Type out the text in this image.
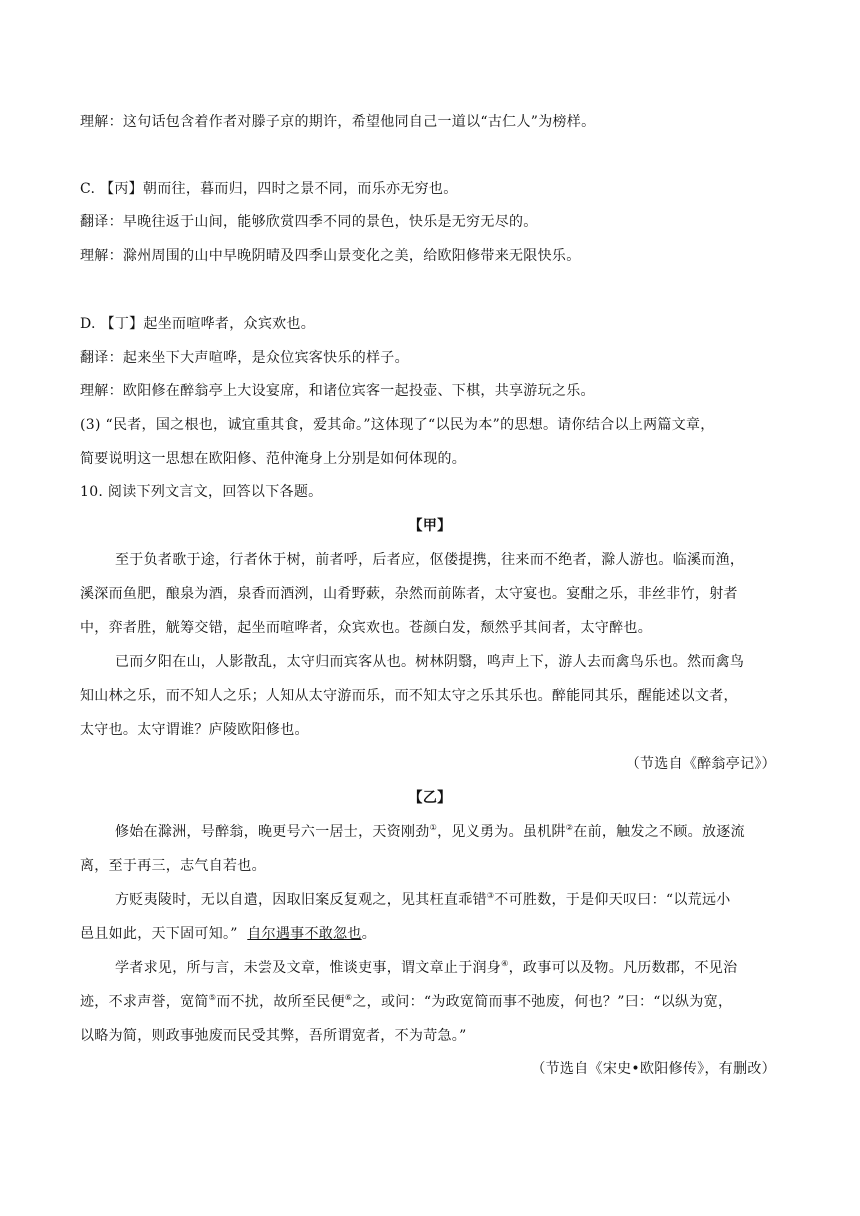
理解：这句话包含着作者对滕子京的期许，希望他同自己一道以“古仁人”为榜样。
C. 【丙】朝而往，暮而归，四时之景不同，而乐亦无穷也。
翻译：早晚往返于山间，能够欣赏四季不同的景色，快乐是无穷无尽的。
理解：滁州周围的山中早晚阴晴及四季山景变化之美，给欧阳修带来无限快乐。
D. 【丁】起坐而喧哗者，众宾欢也。
翻译：起来坐下大声喧哗，是众位宾客快乐的样子。
理解：欧阳修在醉翁亭上大设宴席，和诸位宾客一起投壶、下棋，共享游玩之乐。
(3) “民者，国之根也，诚宜重其食，爱其命。”这体现了“以民为本”的思想。请你结合以上两篇文章，
简要说明这一思想在欧阳修、范仲淹身上分别是如何体现的。
10. 阅读下列文言文，回答以下各题。
【甲】
至于负者歌于途，行者休于树，前者呼，后者应，伛偻提携，往来而不绝者，滁人游也。临溪而渔，
溪深而鱼肥，酿泉为酒，泉香而酒洌，山肴野蔌，杂然而前陈者，太守宴也。宴酣之乐，非丝非竹，射者
中，弈者胜，觥筹交错，起坐而喧哗者，众宾欢也。苍颜白发，颓然乎其间者，太守醉也。
已而夕阳在山，人影散乱，太守归而宾客从也。树林阴翳，鸣声上下，游人去而禽鸟乐也。然而禽鸟
知山林之乐，而不知人之乐；人知从太守游而乐，而不知太守之乐其乐也。醉能同其乐，醒能述以文者，
太守也。太守谓谁？庐陵欧阳修也。
（节选自《醉翁亭记》）
【乙】
修始在滁洲，号醉翁，晚更号六一居士，天资刚劲①，见义勇为。虽机阱②在前，触发之不顾。放逐流
离，至于再三，志气自若也。
方贬夷陵时，无以自遣，因取旧案反复观之，见其枉直乖错③不可胜数，于是仰天叹曰：“以荒远小
邑且如此，天下固可知。” 自尔遇事不敢忽也。
学者求见，所与言，未尝及文章，惟谈吏事，谓文章止于润身④，政事可以及物。凡历数郡，不见治
迹，不求声誉，宽简⑤而不扰，故所至民便⑥之，或问：“为政宽简而事不弛废，何也？”曰：“以纵为宽，
以略为简，则政事弛废而民受其弊，吾所谓宽者，不为苛急。”
（节选自《宋史•欧阳修传》，有删改）
